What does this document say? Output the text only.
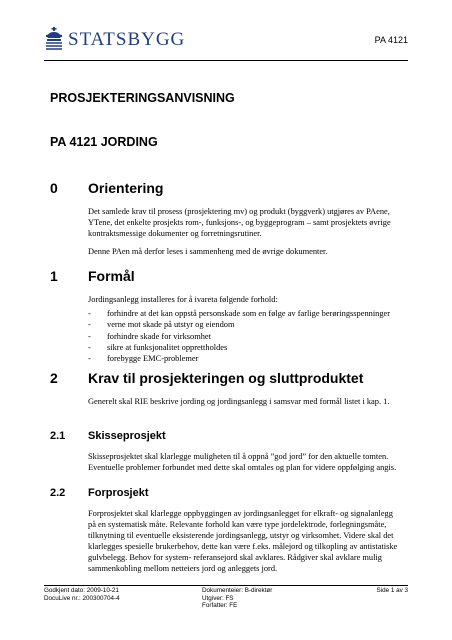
STATSBYGG	PA 4121
PROSJEKTERINGSANVISNING
PA 4121 JORDING
0	Orientering

Det samlede krav til prosess (prosjektering mv) og produkt (byggverk) utgjøres av PAene, YTene, det enkelte prosjekts rom-, funksjons-, og byggeprogram – samt prosjektets øvrige kontraktsmessige dokumenter og forretningsrutiner.

Denne PAen må derfor leses i sammenheng med de øvrige dokumenter.

1	Formål
Jordingsanlegg installeres for å ivareta følgende forhold:
-	forhindre at det kan oppstå personskade som en følge av farlige berøringsspenninger
-	verne mot skade på utstyr og eiendom
-	forhindre skade for virksomhet
-	sikre at funksjonalitet opprettholdes
-	forebygge EMC-problemer
2	Krav til prosjekteringen og sluttproduktet

Generelt skal RIE beskrive jording og jordingsanlegg i samsvar med formål listet i kap. 1.

2.1	Skisseprosjekt

Skisseprosjektet skal klarlegge muligheten til å oppnå ”god jord” for den aktuelle tomten. Eventuelle problemer forbundet med dette skal omtales og plan for videre oppfølging angis.

2.2	Forprosjekt

Forprosjektet skal klarlegge oppbyggingen av jordingsanlegget for elkraft- og signalanlegg på en systematisk måte. Relevante forhold kan være type jordelektrode, forlegningsmåte, tilknytning til eventuelle eksisterende jordingsanlegg, utstyr og virksomhet. Videre skal det klarlegges spesielle brukerbehov, dette kan være f.eks. målejord og tilkopling av antistatiske gulvbelegg. Behov for system- referansejord skal avklares. Rådgiver skal avklare mulig sammenkobling mellom netteiers jord og anleggets jord.

Godkjent dato: 2009-10-21
DocuLive nr.: 200300704-4
Dokumenteier: B-direktør
Utgiver: FS
Forfatter: FE
Side 1 av 3
